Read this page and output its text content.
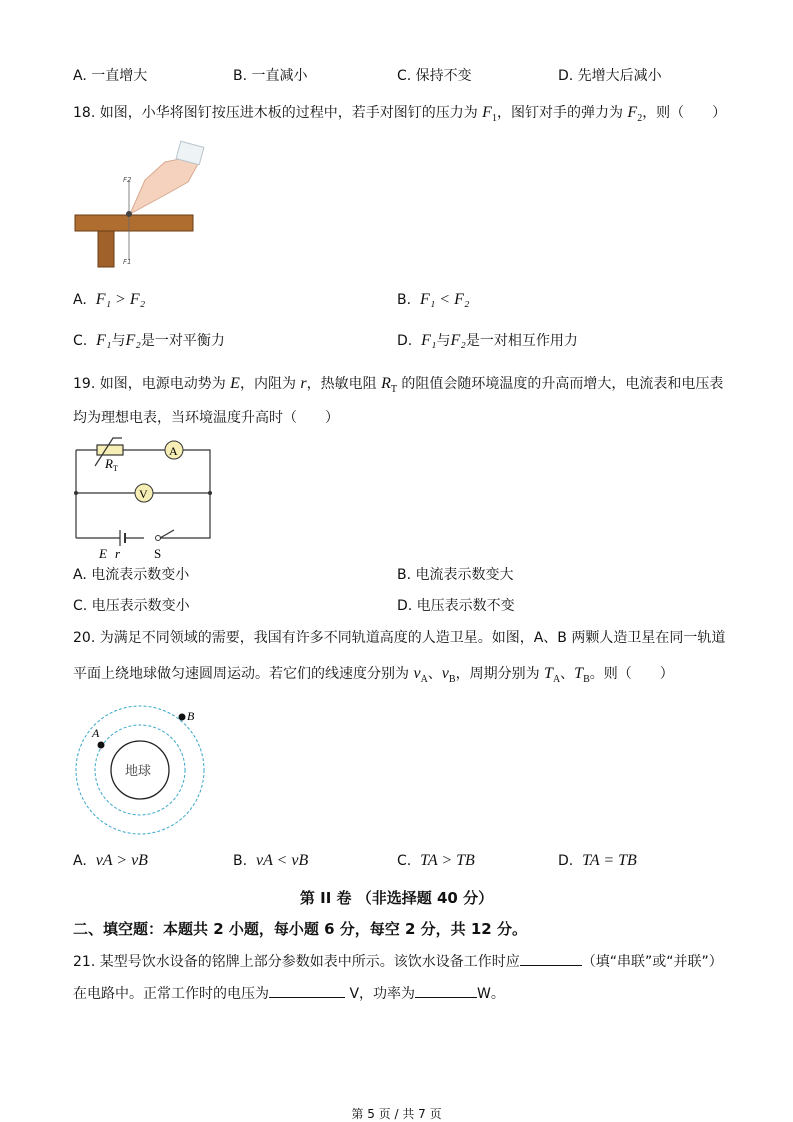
A. 一直增大	B. 一直减小	C. 保持不变	D. 先增大后减小
18. 如图，小华将图钉按压进木板的过程中，若手对图钉的压力为 $F_1$，图钉对手的弹力为 $F_2$，则（　　）
F2
F1
A. F₁ > F₂	B. F₁ < F₂
C. F₁与F₂是一对平衡力	D. F₁与F₂是一对相互作用力
19. 如图，电源电动势为 E，内阻为 r，热敏电阻 $R_T$ 的阻值会随环境温度的升高而增大，电流表和电压表
均为理想电表，当环境温度升高时（　　）
A
V
$R_T$
E r	S
A. 电流表示数变小	B. 电流表示数变大
C. 电压表示数变小	D. 电压表示数不变
20. 为满足不同领域的需要，我国有许多不同轨道高度的人造卫星。如图，A、B 两颗人造卫星在同一轨道
平面上绕地球做匀速圆周运动。若它们的线速度分别为 $v_A$、$v_B$，周期分别为 $T_A$、$T_B$。则（　　）
A
B
地球
A. vA > vB	B. vA < vB	C. TA > TB	D. TA = TB
第 II 卷 （非选择题 40 分）
二、填空题：本题共 2 小题，每小题 6 分，每空 2 分，共 12 分。
21. 某型号饮水设备的铭牌上部分参数如表中所示。该饮水设备工作时应	（填“串联”或“并联”）
在电路中。正常工作时的电压为	V，功率为	W。
第 5 页 / 共 7 页
